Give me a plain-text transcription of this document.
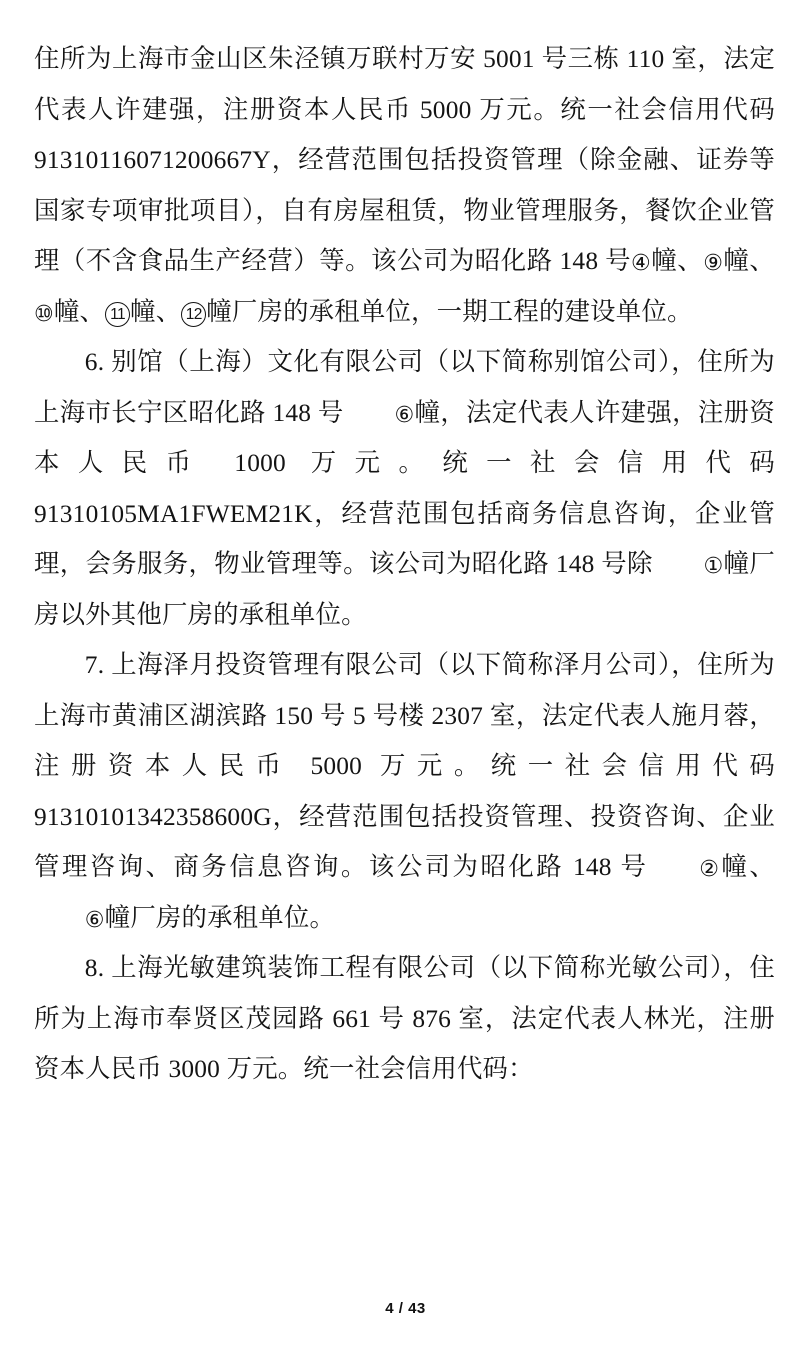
住所为上海市金山区朱泾镇万联村万安 5001 号三栋 110 室，法定代表人许建强，注册资本人民币 5000 万元。统一社会信用代码 91310116071200667Y，经营范围包括投资管理（除金融、证券等国家专项审批项目），自有房屋租赁，物业管理服务，餐饮企业管理（不含食品生产经营）等。该公司为昭化路 148 号④幢、⑨幢、⑩幢、 11 幢、 12 幢厂房的承租单位，一期工程的建设单位。

6. 别馆（上海）文化有限公司（以下简称别馆公司），住所为上海市长宁区昭化路 148 号 ⑥幢，法定代表人许建强，注册资本人民币 1000 万元。统一社会信用代码 91310105MA1FWEM21K，经营范围包括商务信息咨询，企业管理，会务服务，物业管理等。该公司为昭化路 148 号除 ①幢厂房以外其他厂房的承租单位。

7. 上海泽月投资管理有限公司（以下简称泽月公司），住所为上海市黄浦区湖滨路 150 号 5 号楼 2307 室，法定代表人施月蓉，注册资本人民币 5000 万元。统一社会信用代码 91310101342358600G，经营范围包括投资管理、投资咨询、企业管理咨询、商务信息咨询。该公司为昭化路 148 号 ②幢、⑥幢厂房的承租单位。

8. 上海光敏建筑装饰工程有限公司（以下简称光敏公司），住所为上海市奉贤区茂园路 661 号 876 室，法定代表人林光，注册资本人民币 3000 万元。统一社会信用代码：

4 / 43
